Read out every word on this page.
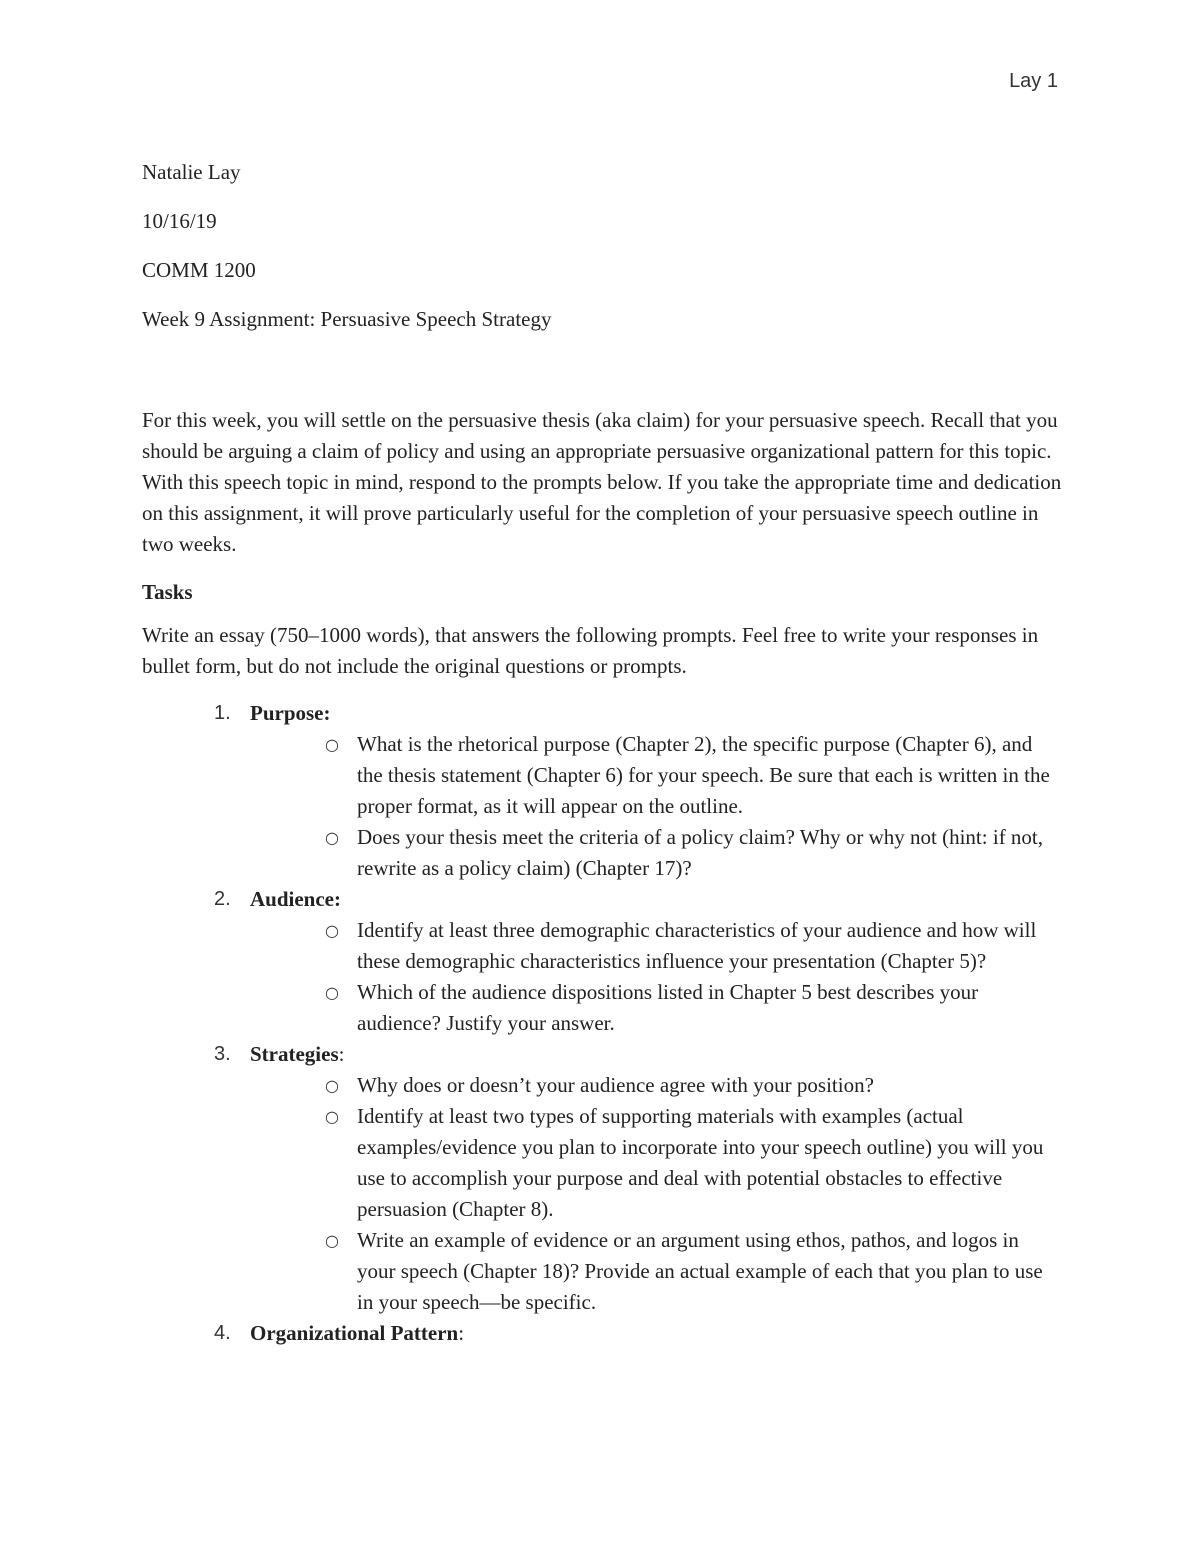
Lay 1
Natalie Lay
10/16/19
COMM 1200
Week 9 Assignment: Persuasive Speech Strategy

For this week, you will settle on the persuasive thesis (aka claim) for your persuasive speech. Recall that you should be arguing a claim of policy and using an appropriate persuasive organizational pattern for this topic. With this speech topic in mind, respond to the prompts below. If you take the appropriate time and dedication on this assignment, it will prove particularly useful for the completion of your persuasive speech outline in two weeks.

Tasks

Write an essay (750–1000 words), that answers the following prompts. Feel free to write your responses in bullet form, but do not include the original questions or prompts.

1. Purpose:
○ What is the rhetorical purpose (Chapter 2), the specific purpose (Chapter 6), and the thesis statement (Chapter 6) for your speech. Be sure that each is written in the proper format, as it will appear on the outline.
○ Does your thesis meet the criteria of a policy claim? Why or why not (hint: if not, rewrite as a policy claim) (Chapter 17)?
2. Audience:
○ Identify at least three demographic characteristics of your audience and how will these demographic characteristics influence your presentation (Chapter 5)?
○ Which of the audience dispositions listed in Chapter 5 best describes your audience? Justify your answer.
3. Strategies:
○ Why does or doesn’t your audience agree with your position?
○ Identify at least two types of supporting materials with examples (actual examples/evidence you plan to incorporate into your speech outline) you will you use to accomplish your purpose and deal with potential obstacles to effective persuasion (Chapter 8).
○ Write an example of evidence or an argument using ethos, pathos, and logos in your speech (Chapter 18)? Provide an actual example of each that you plan to use in your speech—be specific.
4. Organizational Pattern:
